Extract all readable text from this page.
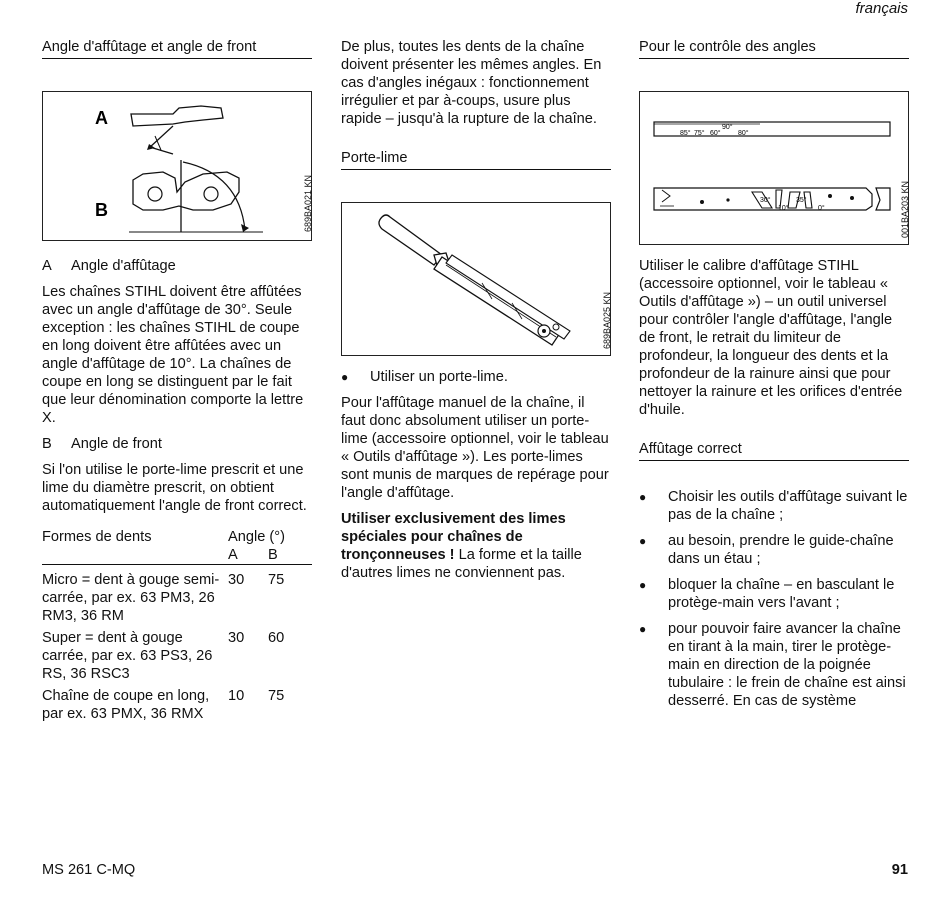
français
Angle d'affûtage et angle de front
A
B	689BA021 KN
A	Angle d'affûtage

Les chaînes STIHL doivent être affûtées avec un angle d'affûtage de 30°. Seule exception : les chaînes STIHL de coupe en long doivent être affûtées avec un angle d'affûtage de 10°. La chaînes de coupe en long se distinguent par le fait que leur dénomination comporte la lettre X.

B	Angle de front

Si l'on utilise le porte-lime prescrit et une lime du diamètre prescrit, on obtient automatiquement l'angle de front correct.

Formes de dents	Angle (°)	
	A	B
Micro = dent à gouge semi-carrée, par ex. 63 PM3, 26 RM3, 36 RM	30	75
Super = dent à gouge carrée, par ex. 63 PS3, 26 RS, 36 RSC3	30	60
Chaîne de coupe en long, par ex. 63 PMX, 36 RMX	10	75

De plus, toutes les dents de la chaîne doivent présenter les mêmes angles. En cas d'angles inégaux : fonctionnement irrégulier et par à-coups, usure plus rapide – jusqu'à la rupture de la chaîne.

Porte-lime
689BA025 KN
●	Utiliser un porte-lime.

Pour l'affûtage manuel de la chaîne, il faut donc absolument utiliser un porte-lime (accessoire optionnel, voir le tableau « Outils d'affûtage »). Les porte-limes sont munis de marques de repérage pour l'angle d'affûtage.

Utiliser exclusivement des limes spéciales pour chaînes de tronçonneuses ! La forme et la taille d'autres limes ne conviennent pas.

Pour le contrôle des angles
85° 75° 60°
90°
80°
30°
10°
35°
0°	001BA203 KN

Utiliser le calibre d'affûtage STIHL (accessoire optionnel, voir le tableau « Outils d'affûtage ») – un outil universel pour contrôler l'angle d'affûtage, l'angle de front, le retrait du limiteur de profondeur, la longueur des dents et la profondeur de la rainure ainsi que pour nettoyer la rainure et les orifices d'entrée d'huile.

Affûtage correct
●	Choisir les outils d'affûtage suivant le pas de la chaîne ;
●	au besoin, prendre le guide-chaîne dans un étau ;
●	bloquer la chaîne – en basculant le protège-main vers l'avant ;
●	pour pouvoir faire avancer la chaîne en tirant à la main, tirer le protège-main en direction de la poignée tubulaire : le frein de chaîne est ainsi desserré. En cas de système
MS 261 C-MQ	91
